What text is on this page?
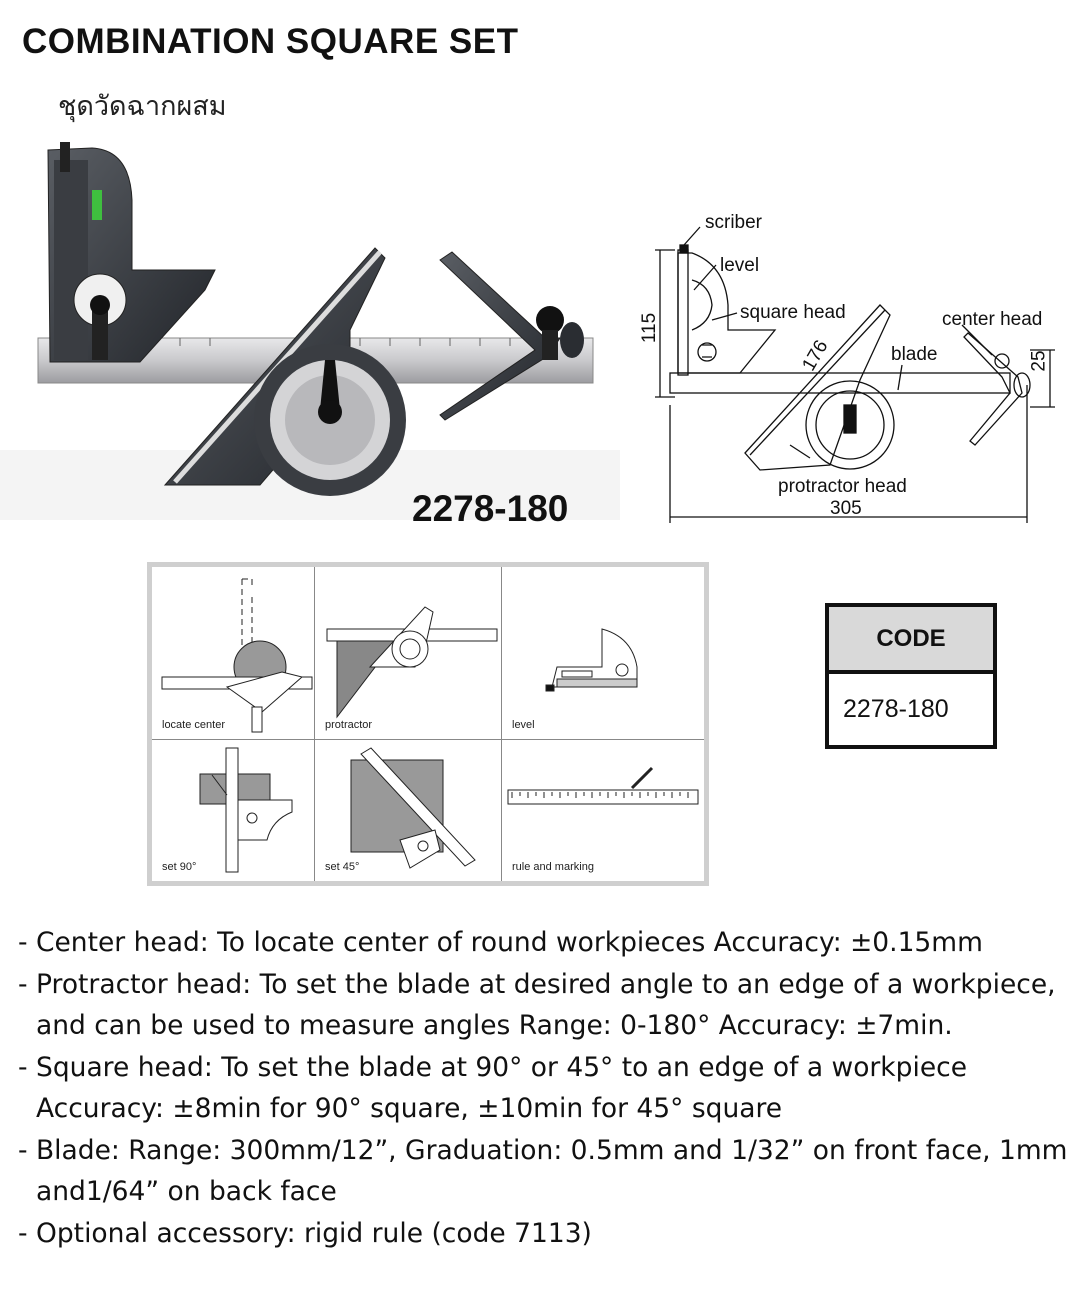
COMBINATION SQUARE SET
ชุดวัดฉากผสม
2278-180
scriber
level
square head	center head
blade
protractor head
115
176	25
305
locate center	protractor	level
set 90°	set 45°	rule and marking
CODE
2278-180
- Center head: To locate center of round workpieces Accuracy: ±0.15mm
- Protractor head: To set the blade at desired angle to an edge of a workpiece, and can be used to measure angles Range: 0-180° Accuracy: ±7min.
- Square head: To set the blade at 90° or 45° to an edge of a workpiece Accuracy: ±8min for 90° square, ±10min for 45° square
- Blade: Range: 300mm/12”, Graduation: 0.5mm and 1/32” on front face, 1mm and1/64” on back face
- Optional accessory: rigid rule (code 7113)
